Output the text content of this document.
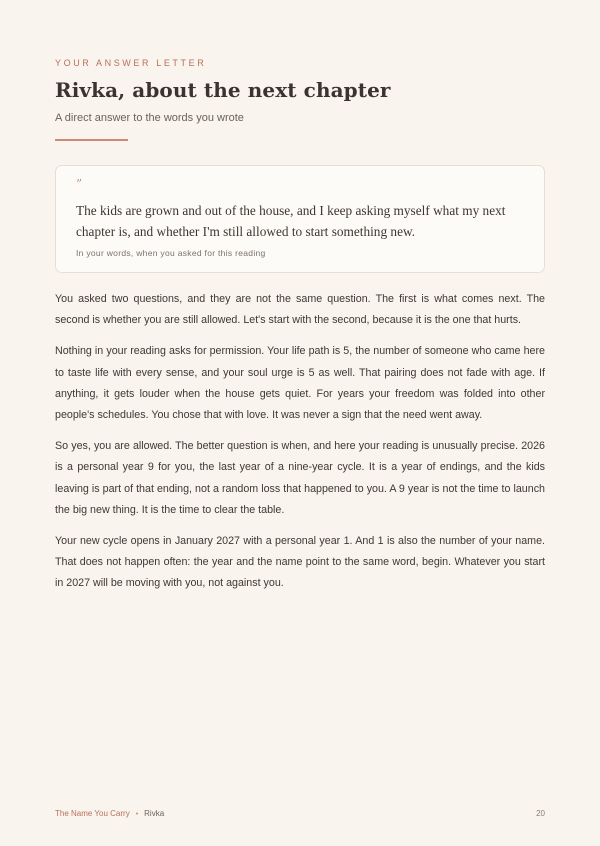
YOUR ANSWER LETTER
Rivka, about the next chapter
A direct answer to the words you wrote
”

The kids are grown and out of the house, and I keep asking myself what my next chapter is, and whether I'm still allowed to start something new.

In your words, when you asked for this reading

You asked two questions, and they are not the same question. The first is what comes next. The second is whether you are still allowed. Let's start with the second, because it is the one that hurts.

Nothing in your reading asks for permission. Your life path is 5, the number of someone who came here to taste life with every sense, and your soul urge is 5 as well. That pairing does not fade with age. If anything, it gets louder when the house gets quiet. For years your freedom was folded into other people's schedules. You chose that with love. It was never a sign that the need went away.

So yes, you are allowed. The better question is when, and here your reading is unusually precise. 2026 is a personal year 9 for you, the last year of a nine-year cycle. It is a year of endings, and the kids leaving is part of that ending, not a random loss that happened to you. A 9 year is not the time to launch the big new thing. It is the time to clear the table.

Your new cycle opens in January 2027 with a personal year 1. And 1 is also the number of your name. That does not happen often: the year and the name point to the same word, begin. Whatever you start in 2027 will be moving with you, not against you.

The Name You Carry • Rivka	20
